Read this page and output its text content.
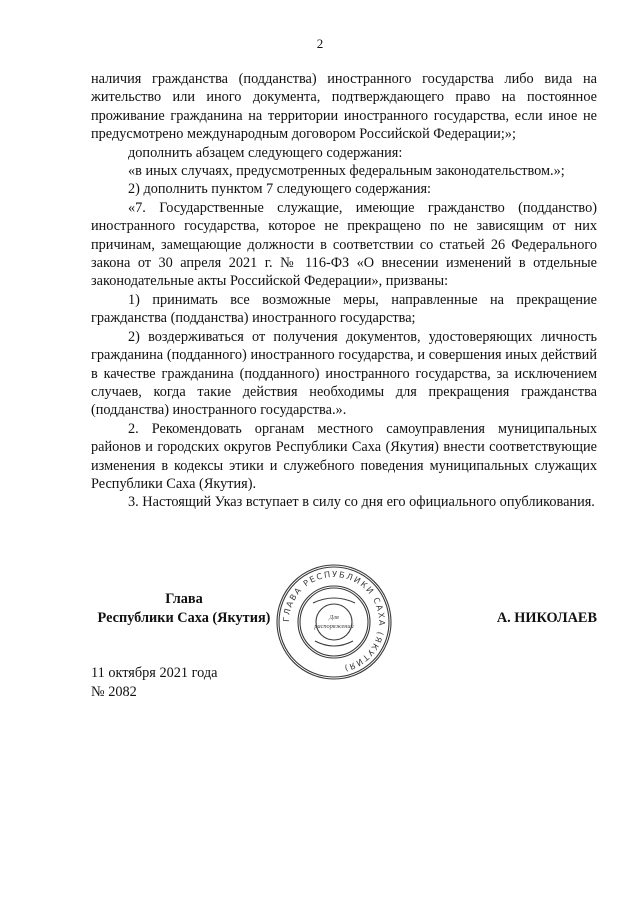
2

наличия гражданства (подданства) иностранного государства либо вида на жительство или иного документа, подтверждающего право на постоянное проживание гражданина на территории иностранного государства, если иное не предусмотрено международным договором Российской Федерации;»;

дополнить абзацем следующего содержания:

«в иных случаях, предусмотренных федеральным законодательством.»;

2) дополнить пунктом 7 следующего содержания:

«7. Государственные служащие, имеющие гражданство (подданство) иностранного государства, которое не прекращено по не зависящим от них причинам, замещающие должности в соответствии со статьей 26 Федерального закона от 30 апреля 2021 г. № 116-ФЗ «О внесении изменений в отдельные законодательные акты Российской Федерации», призваны:

1) принимать все возможные меры, направленные на прекращение гражданства (подданства) иностранного государства;

2) воздерживаться от получения документов, удостоверяющих личность гражданина (подданного) иностранного государства, и совершения иных действий в качестве гражданина (подданного) иностранного государства, за исключением случаев, когда такие действия необходимы для прекращения гражданства (подданства) иностранного государства.».

2. Рекомендовать органам местного самоуправления муниципальных районов и городских округов Республики Саха (Якутия) внести соответствующие изменения в кодексы этики и служебного поведения муниципальных служащих Республики Саха (Якутия).

3. Настоящий Указ вступает в силу со дня его официального опубликования.

Глава
Республики Саха (Якутия)	ГЛАВА РЕСПУБЛИКИ САХА (ЯКУТИЯ)
Для
распоряжений
А. НИКОЛАЕВ
11 октября 2021 года
№ 2082
